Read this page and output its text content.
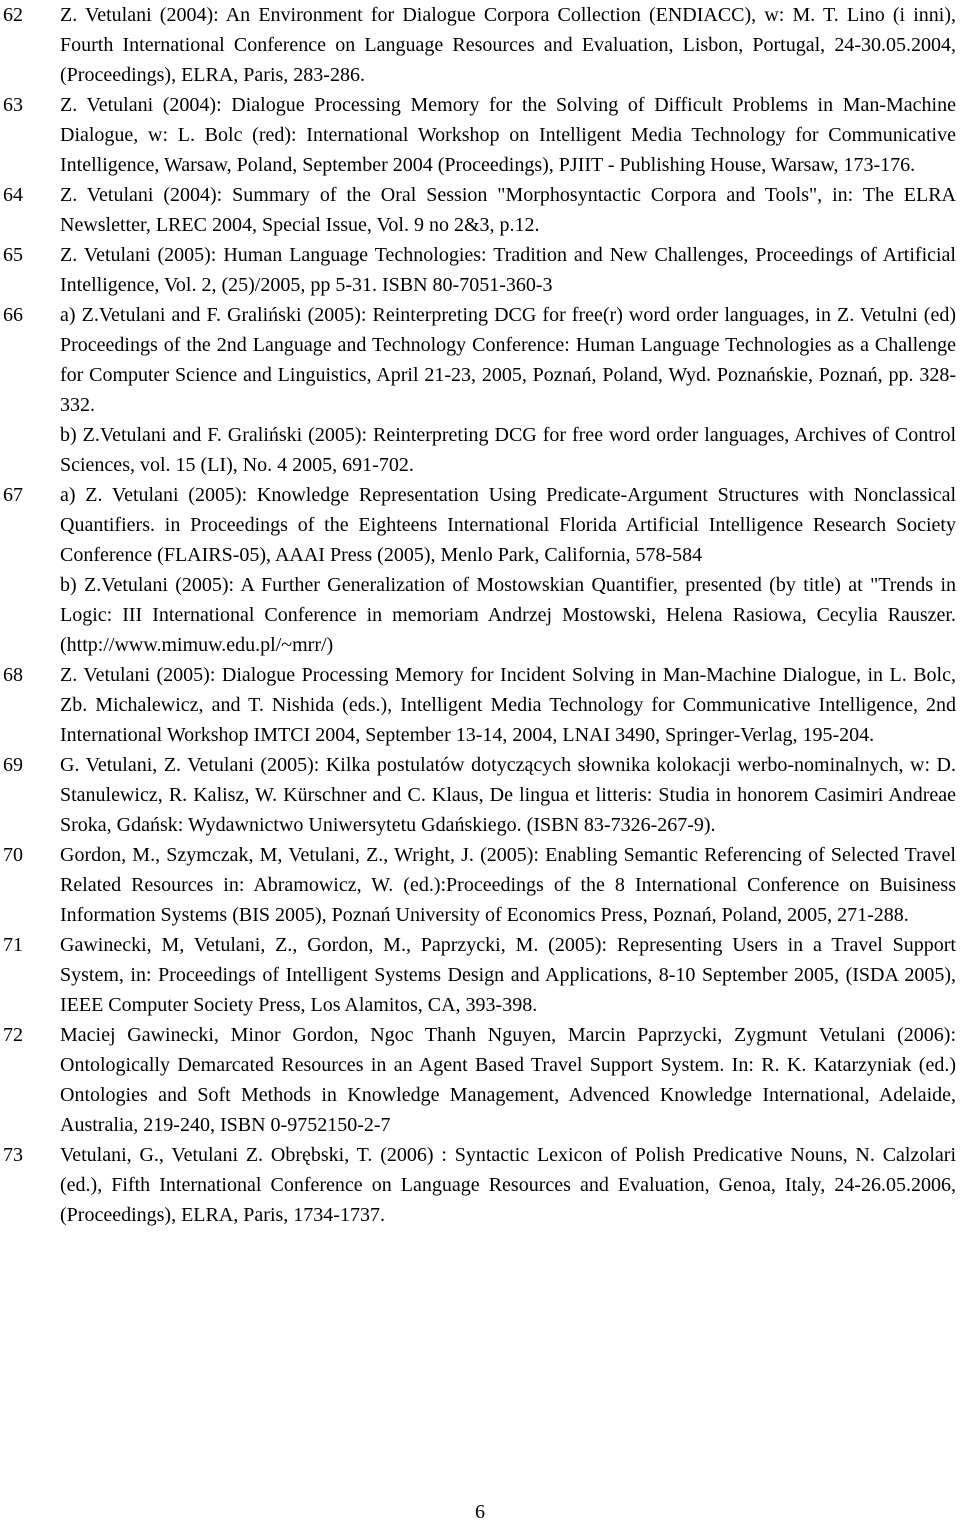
62 Z. Vetulani (2004): An Environment for Dialogue Corpora Collection (ENDIACC), w: M. T. Lino (i inni), Fourth International Conference on Language Resources and Evaluation, Lisbon, Portugal, 24-30.05.2004, (Proceedings), ELRA, Paris, 283-286.

63 Z. Vetulani (2004): Dialogue Processing Memory for the Solving of Difficult Problems in Man-Machine Dialogue, w: L. Bolc (red): International Workshop on Intelligent Media Technology for Communicative Intelligence, Warsaw, Poland, September 2004 (Proceedings), PJIIT - Publishing House, Warsaw, 173-176.

64 Z. Vetulani (2004): Summary of the Oral Session "Morphosyntactic Corpora and Tools", in: The ELRA Newsletter, LREC 2004, Special Issue, Vol. 9 no 2&3, p.12.

65 Z. Vetulani (2005): Human Language Technologies: Tradition and New Challenges, Proceedings of Artificial Intelligence, Vol. 2, (25)/2005, pp 5-31. ISBN 80-7051-360-3

66 a) Z.Vetulani and F. Graliński (2005): Reinterpreting DCG for free(r) word order languages, in Z. Vetulni (ed) Proceedings of the 2nd Language and Technology Conference: Human Language Technologies as a Challenge for Computer Science and Linguistics, April 21-23, 2005, Poznań, Poland, Wyd. Poznańskie, Poznań, pp. 328-332.

b) Z.Vetulani and F. Graliński (2005): Reinterpreting DCG for free word order languages, Archives of Control Sciences, vol. 15 (LI), No. 4 2005, 691-702.

67 a) Z. Vetulani (2005): Knowledge Representation Using Predicate-Argument Structures with Nonclassical Quantifiers. in Proceedings of the Eighteens International Florida Artificial Intelligence Research Society Conference (FLAIRS-05), AAAI Press (2005), Menlo Park, California, 578-584

b) Z.Vetulani (2005): A Further Generalization of Mostowskian Quantifier, presented (by title) at "Trends in Logic: III International Conference in memoriam Andrzej Mostowski, Helena Rasiowa, Cecylia Rauszer. (http://www.mimuw.edu.pl/~mrr/)

68 Z. Vetulani (2005): Dialogue Processing Memory for Incident Solving in Man-Machine Dialogue, in L. Bolc, Zb. Michalewicz, and T. Nishida (eds.), Intelligent Media Technology for Communicative Intelligence, 2nd International Workshop IMTCI 2004, September 13-14, 2004, LNAI 3490, Springer-Verlag, 195-204.

69 G. Vetulani, Z. Vetulani (2005): Kilka postulatów dotyczących słownika kolokacji werbo-nominalnych, w: D. Stanulewicz, R. Kalisz, W. Kürschner and C. Klaus, De lingua et litteris: Studia in honorem Casimiri Andreae Sroka, Gdańsk: Wydawnictwo Uniwersytetu Gdańskiego. (ISBN 83-7326-267-9).

70 Gordon, M., Szymczak, M, Vetulani, Z., Wright, J. (2005): Enabling Semantic Referencing of Selected Travel Related Resources in: Abramowicz, W. (ed.):Proceedings of the 8 International Conference on Buisiness Information Systems (BIS 2005), Poznań University of Economics Press, Poznań, Poland, 2005, 271-288.

71 Gawinecki, M, Vetulani, Z., Gordon, M., Paprzycki, M. (2005): Representing Users in a Travel Support System, in: Proceedings of Intelligent Systems Design and Applications, 8-10 September 2005, (ISDA 2005), IEEE Computer Society Press, Los Alamitos, CA, 393-398.

72 Maciej Gawinecki, Minor Gordon, Ngoc Thanh Nguyen, Marcin Paprzycki, Zygmunt Vetulani (2006): Ontologically Demarcated Resources in an Agent Based Travel Support System. In: R. K. Katarzyniak (ed.) Ontologies and Soft Methods in Knowledge Management, Advenced Knowledge International, Adelaide, Australia, 219-240, ISBN 0-9752150-2-7

73 Vetulani, G., Vetulani Z. Obrębski, T. (2006) : Syntactic Lexicon of Polish Predicative Nouns, N. Calzolari (ed.), Fifth International Conference on Language Resources and Evaluation, Genoa, Italy, 24-26.05.2006, (Proceedings), ELRA, Paris, 1734-1737.

6
